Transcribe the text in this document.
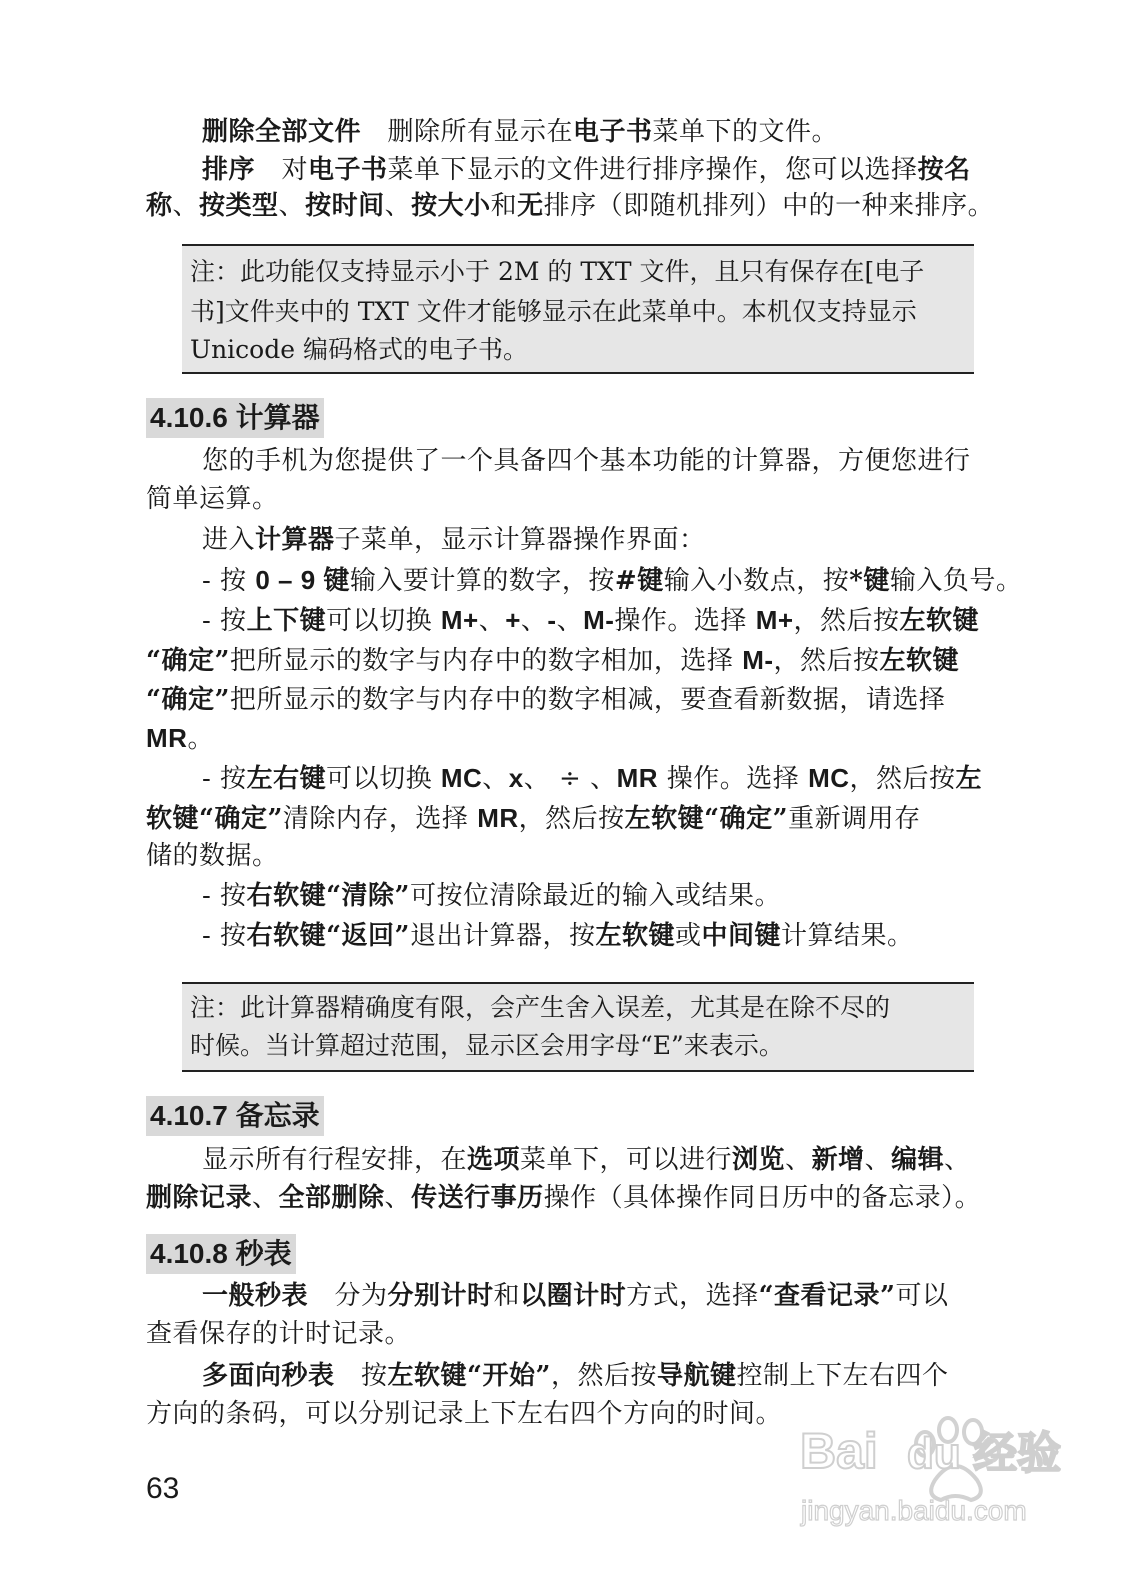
删除全部文件　删除所有显示在电子书菜单下的文件。
排序　对电子书菜单下显示的文件进行排序操作，您可以选择按名
称、按类型、按时间、按大小和无排序（即随机排列）中的一种来排序。
注：此功能仅支持显示小于 2M 的 TXT 文件，且只有保存在[电子
书]文件夹中的 TXT 文件才能够显示在此菜单中。本机仅支持显示
Unicode 编码格式的电子书。
4.10.6 计算器
您的手机为您提供了一个具备四个基本功能的计算器，方便您进行
简单运算。
进入计算器子菜单，显示计算器操作界面：
- 按 0 – 9 键输入要计算的数字，按#键输入小数点，按*键输入负号。
- 按上下键可以切换 M+、+、-、M-操作。选择 M+，然后按左软键
“确定”把所显示的数字与内存中的数字相加，选择 M-，然后按左软键
“确定”把所显示的数字与内存中的数字相减，要查看新数据，请选择
MR。
- 按左右键可以切换 MC、x、 ÷ 、MR 操作。选择 MC，然后按左
软键“确定”清除内存，选择 MR，然后按左软键“确定”重新调用存
储的数据。
- 按右软键“清除”可按位清除最近的输入或结果。
- 按右软键“返回”退出计算器，按左软键或中间键计算结果。
注：此计算器精确度有限，会产生舍入误差，尤其是在除不尽的
时候。当计算超过范围，显示区会用字母“E”来表示。
4.10.7 备忘录
显示所有行程安排，在选项菜单下，可以进行浏览、新增、编辑、
删除记录、全部删除、传送行事历操作（具体操作同日历中的备忘录）。
4.10.8 秒表
一般秒表　分为分别计时和以圈计时方式，选择“查看记录”可以
查看保存的计时记录。
多面向秒表　按左软键“开始”，然后按导航键控制上下左右四个
方向的条码，可以分别记录上下左右四个方向的时间。
63
Bai du 经验
jingyan.baidu.com
